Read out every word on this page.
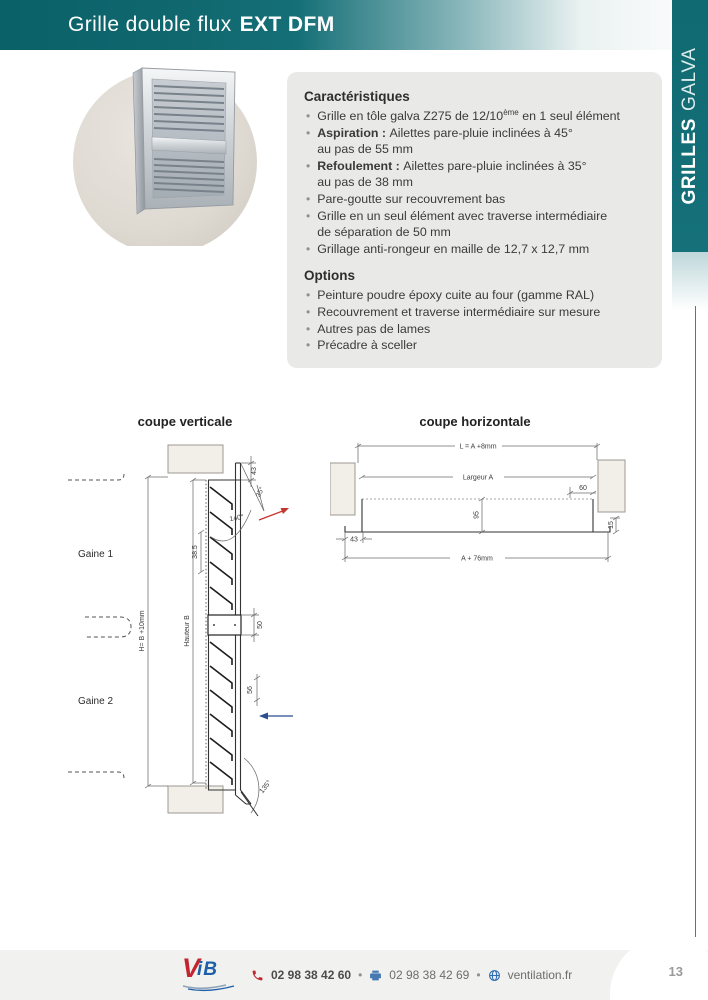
Grille double flux EXT DFM
GRILLES
GALVA
Caractéristiques
• Grille en tôle galva Z275 de 12/10ème en 1 seul élément
• Aspiration : Ailettes pare-pluie inclinées à 45°
au pas de 55 mm
• Refoulement : Ailettes pare-pluie inclinées à 35°
au pas de 38 mm
• Pare-goutte sur recouvrement bas
• Grille en un seul élément avec traverse intermédiaire
de séparation de 50 mm
• Grillage anti-rongeur en maille de 12,7 x 12,7 mm
Options
• Peinture poudre époxy cuite au four (gamme RAL)
• Recouvrement et traverse intermédiaire sur mesure
• Autres pas de lames
• Précadre à sceller
coupe verticale	coupe horizontale
43
35°
140°
38.5
Gaine 1
H= B +10mm	Hauteur B	50
56
Gaine 2
135°
L = A +8mm
Largeur A
60
95
15
43
A + 76mm
V
iB	02 98 38 42 60 • 02 98 38 42 69 • ventilation.fr	13
